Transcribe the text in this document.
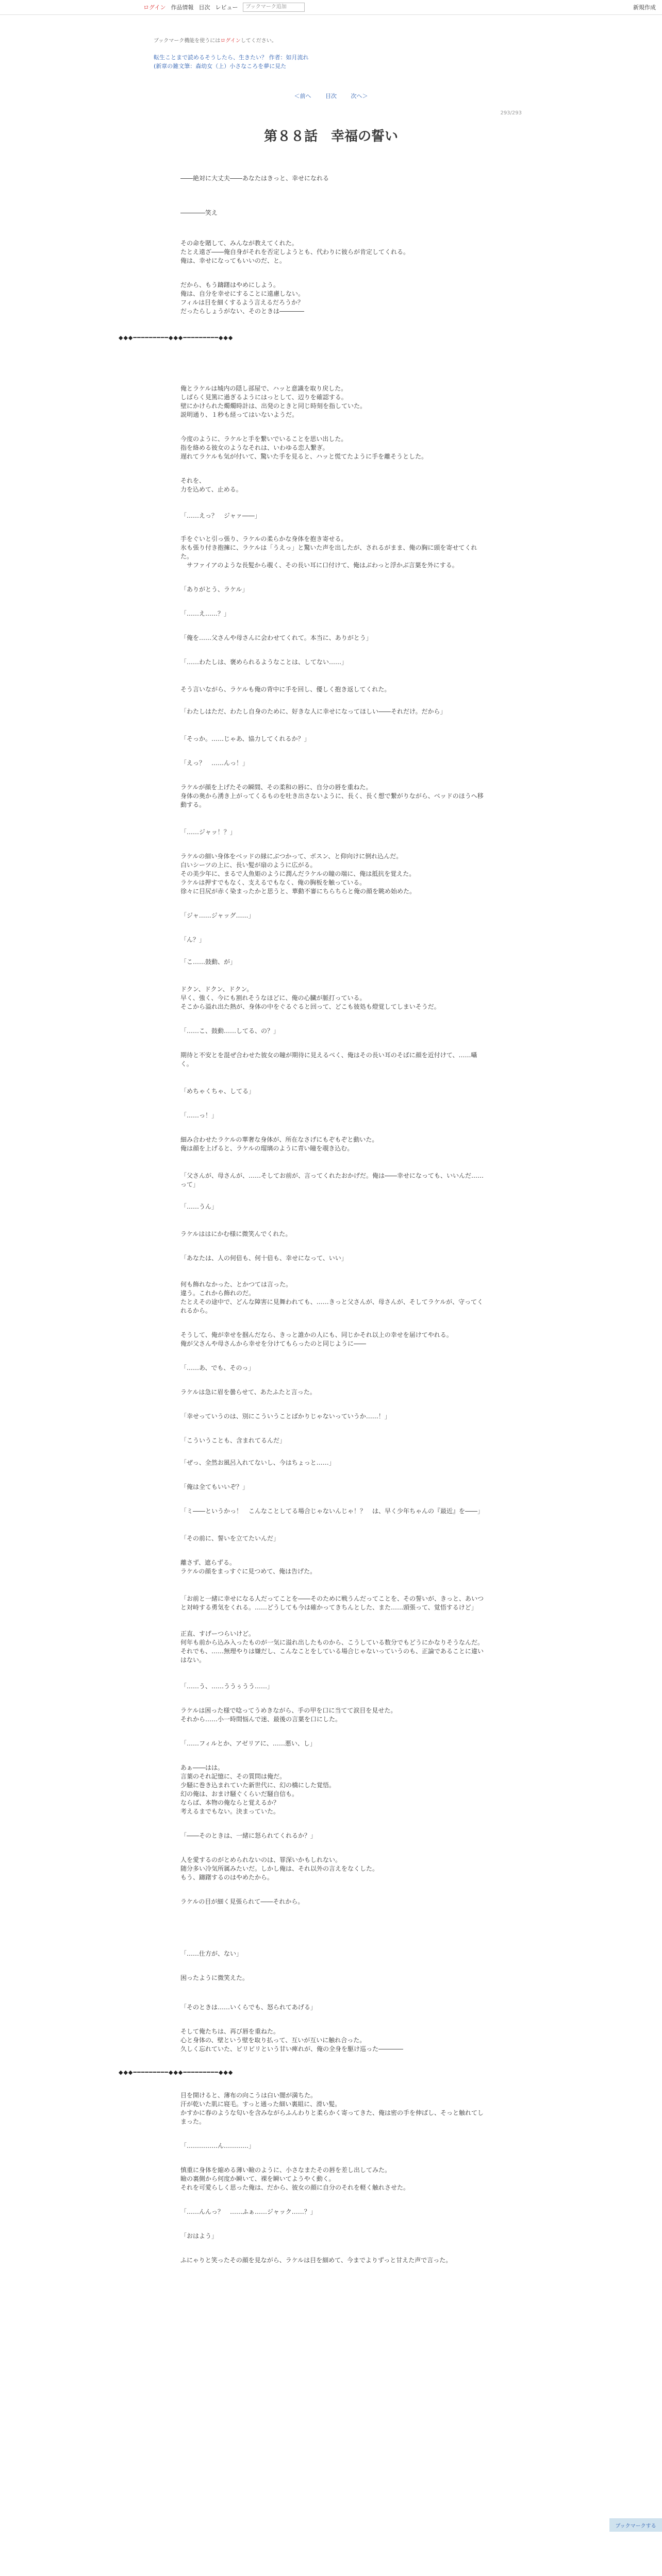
ログイン 作品情報 目次 レビュー	ブックマーク追加	新規作成
ブックマーク機能を使うにはログインしてください。
転生ことまで読めるそうしたら、生きたい？ 作者：如月流れ
(新章の雑文筆：森幼女（上）小さなころを夢に見た
＜前へ	目次	次へ＞
293/293
第８８話　幸福の誓い

――絶対に大丈夫――あなたはきっと、幸せになれる

――――笑え

その命を賭して、みんなが教えてくれた。
たとえ遠ざ――俺自身がそれを否定しようとも、代わりに彼らが肯定してくれる。
俺は、幸せになってもいいのだ、と。

だから、もう躊躇はやめにしよう。
俺は、自分を幸せにすることに遠慮しない。
フィルは目を細くするよう言えるだろうか？
だったらしょうがない、そのときは――――

◆◆◆━━━━━━━━━◆◆◆━━━━━━━━━◆◆◆

俺とラケルは城内の隠し部屋で、ハッと意識を取り戻した。
しばらく見篤に過ぎるようにはっとして、辺りを確認する。
壁にかけられた燭燭時計は、出発のときと同じ時刻を指していた。
説明通り、１秒も経ってはいないようだ。

今度のように、ラケルと手を繋いでいることを思い出した。
指を絡める彼女のようなそれは、いわゆる恋人繋ぎ。
遅れてラケルも気が付いて、驚いた手を見ると、ハッと慌てたように手を離そうとした。

それを、
力を込めて、止める。

「……えっ？　ジャァ――」

手をぐいと引っ張り、ラケルの柔らかな身体を抱き寄せる。
氷も張り付き抱擁に、ラケルは「うえっ」と驚いた声を出したが、されるがまま、俺の胸に頭を寄せてくれた。
　サファイアのような長髪から覗く、その長い耳に口付けて、俺はぶわっと浮かぶ言葉を外にする。

「ありがとう、ラケル」

「……え……？」

「俺を……父さんや母さんに会わせてくれて。本当に、ありがとう」

「……わたしは、褒められるようなことは、してない……」

そう言いながら、ラケルも俺の背中に手を回し、優しく抱き返してくれた。

「わたしはただ、わたし自身のために、好きな人に幸せになってほしい――それだけ。だから」

「そっか。……じゃあ、協力してくれるか？」

「えっ？　……んっ！」

ラケルが顔を上げたその瞬間、その柔和の唇に、自分の唇を重ねた。
身体の奥から湧き上がってくるものを吐き出さないように、長く、長く想で繋がりながら、ベッドのほうへ移動する。

「……ジャッ！？」

ラケルの細い身体をベッドの縁にぶつかって、ボスン、と仰向けに倒れ込んだ。
白いシーツの上に、長い髪が扇のように広がる。
その美少年に、まるで人魚姫のように潤んだラケルの瞳の端に、俺は抵抗を覚えた。
ラケルは押すでもなく、支えるでもなく、俺の胸板を触っている。
徐々に目尻が赤く染まったかと思うと、華動不審にちらちらと俺の顔を眺め始めた。

「ジャ……ジャッグ……」

「ん？」

「こ……鼓動、が」

ドクン、ドクン、ドクン。
早く、強く、今にも割れそうなほどに、俺の心臓が脈打っている。
そこから溢れ出た熱が、身体の中をぐるぐると回って、どこも彼処も燈覚してしまいそうだ。

「……こ、鼓動……してる、の？」

期待と不安とを混ぜ合わせた彼女の瞳が期待に見えるべく、俺はその長い耳のそばに顔を近付けて、……囁く。

「めちゃくちゃ、してる」

「……っ！」

細み合わせたラケルの華奢な身体が、所在なさげにもぞもぞと動いた。
俺は顔を上げると、ラケルの瑠璃のように青い瞳を覗き込む。

「父さんが、母さんが、……そしてお前が、言ってくれたおかげだ。俺は――幸せになっても、いいんだ……って」

「……うん」

ラケルははにかむ様に微笑んでくれた。

「あなたは、人の何倍も、何十倍も、幸せになって、いい」

何も飾れなかった、とかつては言った。
違う。これから飾れのだ。
たとえその途中で、どんな障害に見舞われても、……きっと父さんが、母さんが、そしてラケルが、守ってくれるから。

そうして、俺が幸せを掴んだなら、きっと誰かの人にも、同じかそれ以上の幸せを届けてやれる。
俺が父さんや母さんから幸せを分けてもらったのと同じように――

「……あ、でも、そのっ」

ラケルは急に眉を曇らせて、あたふたと言った。

「幸せっていうのは、別にこういうことばかりじゃないっていうか……！」

「こういうことも、含まれてるんだ」

「ぜっ、全然お風呂入れてないし、今はちょっと……」

「俺は全てもいいぞ？」

「ミ――というかっ！　こんなことしてる場合じゃないんじゃ！？　は、早く少年ちゃんの『最近』を――」

「その前に、誓いを立てたいんだ」

離さず、遮らずる。
ラケルの顔をまっすぐに見つめて、俺は告げた。

「お前と一緒に幸せになる人だってことを――そのために戦うんだってことを、その誓いが、きっと、あいつと対峙する勇気をくれる。……どうしても今は確かってきちんとした、また……頭張って、覚悟するけど」

正直、すげーつらいけど。
何年も前から込み入ったものが一気に溢れ出したものから、こうしている数分でもどうにかなりそうなんだ。
それでも、……無理やりは嫌だし、こんなことをしている場合じゃないっていうのも、正論であることに違いはない。

「……う、……ううぅうう……」

ラケルは困った様で唸ってうめきながら、手の甲を口に当てて涙目を見せた。
それから……小一時間悩んで迷、最後の言葉を口にした。

「……フィルとか、アゼリアに、……悪い、し」

あぁ――はは。
言葉のそれ記憶に、その質問は俺だ。
少騒に巻き込まれていた新世代に、幻の橋にした覚悟。
幻の俺は、おまけ騒ぐくらいだ騒自信も。
ならば、本物の俺ならと覚えるか？
考えるまでもない。決まっていた。

「――そのときは、一緒に怒られてくれるか？」

人を愛するのがとめられないのは、罪深いかもしれない。
随分多い冷気所属みたいだ。しかし俺は、それ以外の言えをなくした。
もう、躊躇するのはやめたから。

ラケルの目が細く見張られて――それから。

「……仕方が、ない」

困ったように微笑えた。

「そのときは……いくらでも、怒られてあげる」

そして俺たちは、再び唇を重ねた。
心と身体の、壁という壁を取り払って、互いが互いに触れ合った。
久しく忘れていた、ピリピリという甘い痺れが、俺の全身を駆け巡った――――

◆◆◆━━━━━━━━━◆◆◆━━━━━━━━━◆◆◆

目を開けると、薄布の向こうは白い闇が満ちた。
汗が乾いた肌に寝毛。すっと通った細い裏組に、滑い髪。
かすかに春のような匂いを含みながらふんわりと柔らかく寄ってきた、俺は密の手を伸ばし、そっと触れてしまった。

「……………ん…………」

慎重に身体を縮める薄い瞼のように、小さなまたその唇を差し出してみた。
瞼の裏側から何度か瞬いて、裸を瞬いてようやく動く。
それを可愛らしく思った俺は、だから、彼女の顔に自分のそれを軽く触れさせた。

「……んんっ？　……ふぁ……ジャック……？」

「おはよう」

ふにゃりと笑ったその顔を見ながら、ラケルは目を細めて、今までよりずっと甘えた声で言った。

ブックマークする
